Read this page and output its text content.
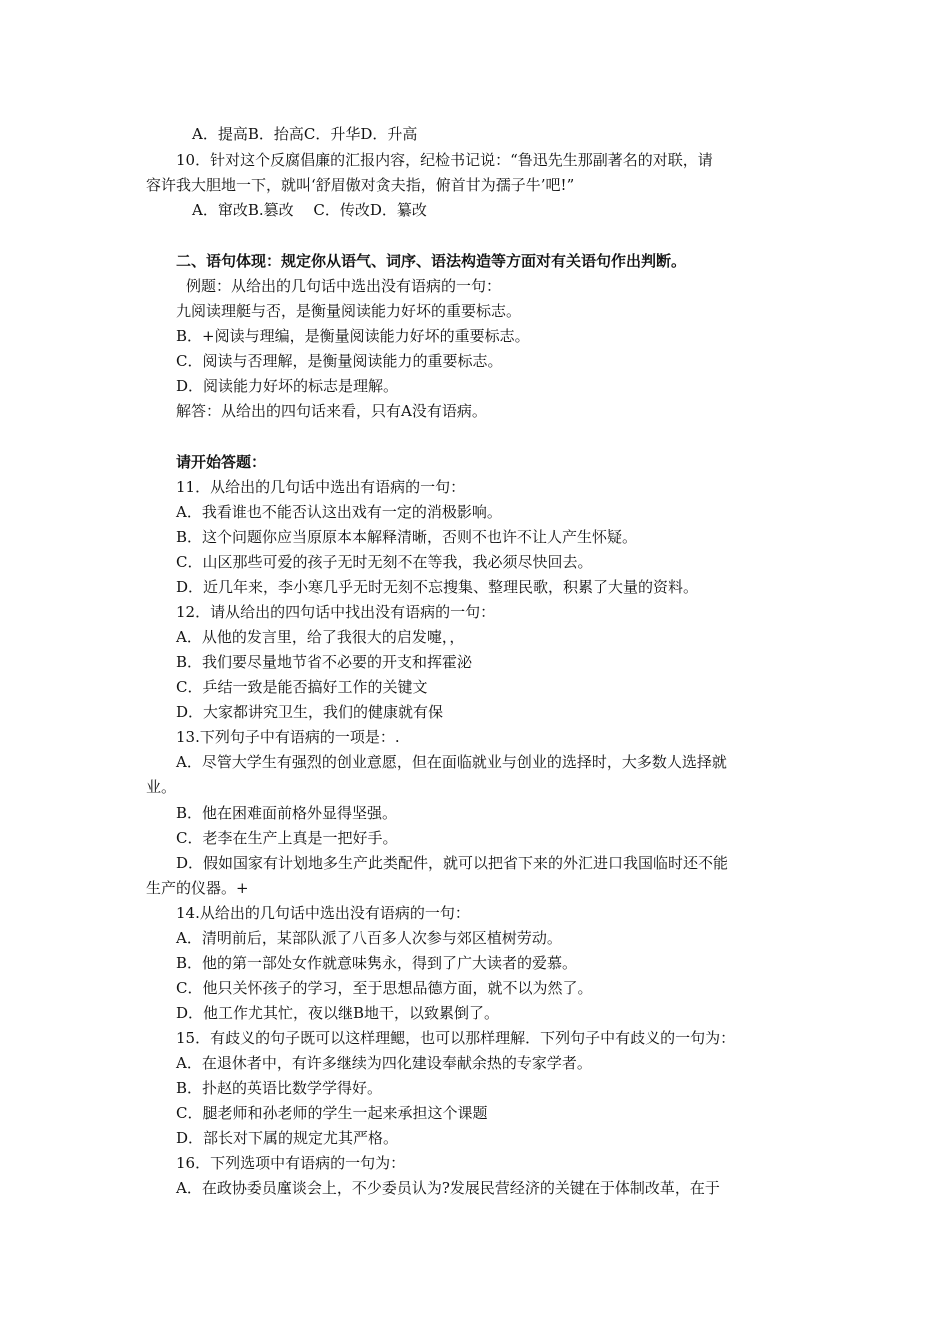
A．提高B．抬高C．升华D．升高
10．针对这个反腐倡廉的汇报内容，纪检书记说：“鲁迅先生那副著名的对联，请
容许我大胆地一下，就叫‘舒眉傲对贪夫指，俯首甘为孺子牛’吧!”
A．窜改B.篡改　 C．传改D．纂改
二、语句体现：规定你从语气、词序、语法构造等方面对有关语句作出判断。
例题：从给出的几句话中选出没有语病的一句：
九阅读理艇与否，是衡量阅读能力好坏的重要标志。
B．+阅读与理编，是衡量阅读能力好坏的重要标志。
C．阅读与否理解，是衡量阅读能力的重要标志。
D．阅读能力好坏的标志是理解。
解答：从给出的四句话来看，只有A没有语病。
请开始答题：
11．从给出的几句话中选出有语病的一句：
A．我看谁也不能否认这出戏有一定的消极影响。
B．这个问题你应当原原本本解释清晰，否则不也许不让人产生怀疑。
C．山区那些可爱的孩子无时无刻不在等我，我必须尽快回去。
D．近几年来，李小寒几乎无时无刻不忘搜集、整理民歌，积累了大量的资料。
12．请从给出的四句话中找出没有语病的一句：
A．从他的发言里，给了我很大的启发嚏，，
B．我们要尽量地节省不必要的开支和挥霍泌
C．乒结一致是能否搞好工作的关键文
D．大家都讲究卫生，我们的健康就有保
13.下列句子中有语病的一项是：.
A．尽管大学生有强烈的创业意愿，但在面临就业与创业的选择时，大多数人选择就
业。
B．他在困难面前格外显得坚强。
C．老李在生产上真是一把好手。
D．假如国家有计划地多生产此类配件，就可以把省下来的外汇进口我国临时还不能
生产的仪器。+
14.从给出的几句话中选出没有语病的一句：
A．清明前后，某部队派了八百多人次参与郊区植树劳动。
B．他的第一部处女作就意味隽永，得到了广大读者的爱慕。
C．他只关怀孩子的学习，至于思想品德方面，就不以为然了。
D．他工作尤其忙，夜以继B地干，以致累倒了。
15．有歧义的句子既可以这样理鳃，也可以那样理解．下列句子中有歧义的一句为：
A．在退休者中，有许多继续为四化建设奉献余热的专家学者。
B．扑赵的英语比数学学得好。
C．腿老师和孙老师的学生一起来承担这个课题
D．部长对下属的规定尤其严格。
16．下列选项中有语病的一句为：
A．在政协委员廑谈会上，不少委员认为?发展民营经济的关键在于体制改革，在于
